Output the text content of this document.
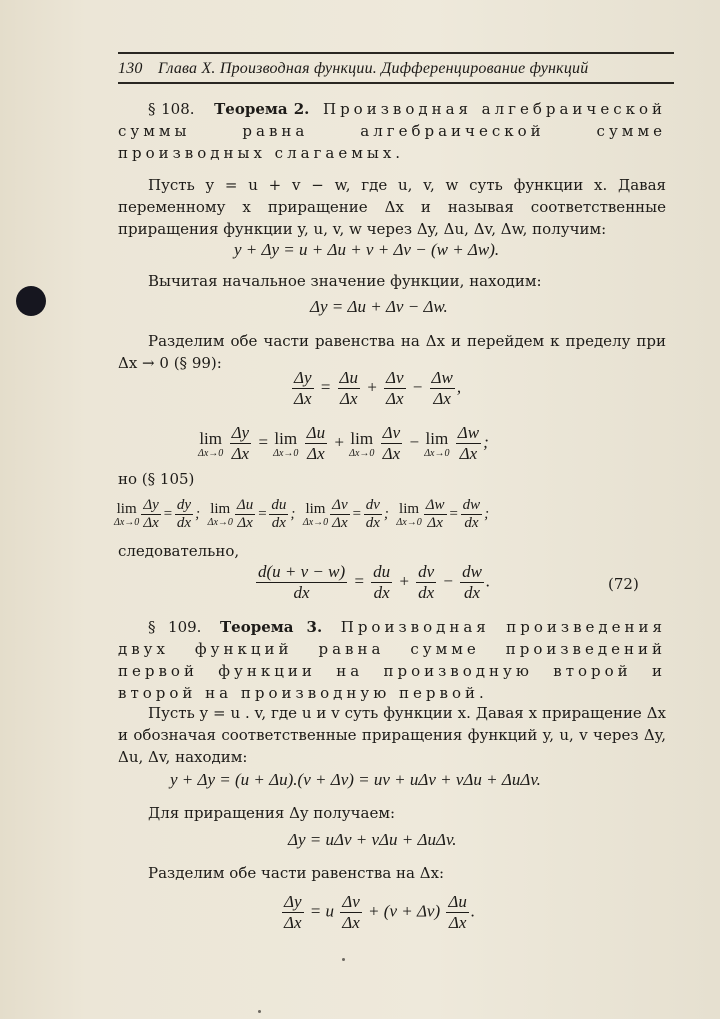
130 Глава X. Производная функции. Дифференцирование функций
§ 108. Теорема 2. Производная алгебраической суммы равна алгебраической сумме производных слагаемых.
Пусть y = u + v − w, где u, v, w суть функции x. Давая переменному x приращение Δx и называя соответственные приращения функции y, u, v, w через Δy, Δu, Δv, Δw, получим:
y + Δy = u + Δu + v + Δv − (w + Δw).
Вычитая начальное значение функции, находим:
Δy = Δu + Δv − Δw.
Разделим обе части равенства на Δx и перейдем к пределу при Δx → 0 (§ 99):
$\frac{\Delta y}{\Delta x} = \frac{\Delta u}{\Delta x} + \frac{\Delta v}{\Delta x} - \frac{\Delta w}{\Delta x}$ ,
lim
Δx→0
$\frac{\Delta y}{\Delta x} = \lim$
Δx→0
$\frac{\Delta u}{\Delta x} + \lim$
Δx→0
$\frac{\Delta v}{\Delta x} - \lim$
Δx→0
$\frac{\Delta w}{\Delta x}$ ;
но (§ 105)
lim
$\Delta x\to 0 \frac{\Delta y}{\Delta x} = \frac{dy}{dx}$ ;  lim
$\Delta x\to 0 \frac{\Delta u}{\Delta x} = \frac{du}{dx}$ ;  lim
$\Delta x\to 0 \frac{\Delta v}{\Delta x} = \frac{dv}{dx}$ ;  lim
$\Delta x\to 0 \frac{\Delta w}{\Delta x} = \frac{dw}{dx}$ ;
следовательно,
$\frac{d(u + v - w)}{dx} = \frac{du}{dx} + \frac{dv}{dx} - \frac{dw}{dx}$ .	(72)
§ 109. Теорема 3. Производная произведения двух функций равна сумме произведений первой функции на производную второй и второй на производную первой.
Пусть y = u . v, где u и v суть функции x. Давая x приращение Δx и обозначая соответственные приращения функций y, u, v через Δy, Δu, Δv, находим:
y + Δy = (u + Δu).(v + Δv) = uv + uΔv + vΔu + ΔuΔv.
Для приращения Δy получаем:
Δy = uΔv + vΔu + ΔuΔv.
Разделим обе части равенства на Δx:
$\frac{\Delta y}{\Delta x} = u \frac{\Delta v}{\Delta x} + (v + \Delta v) \frac{\Delta u}{\Delta x}$ .
